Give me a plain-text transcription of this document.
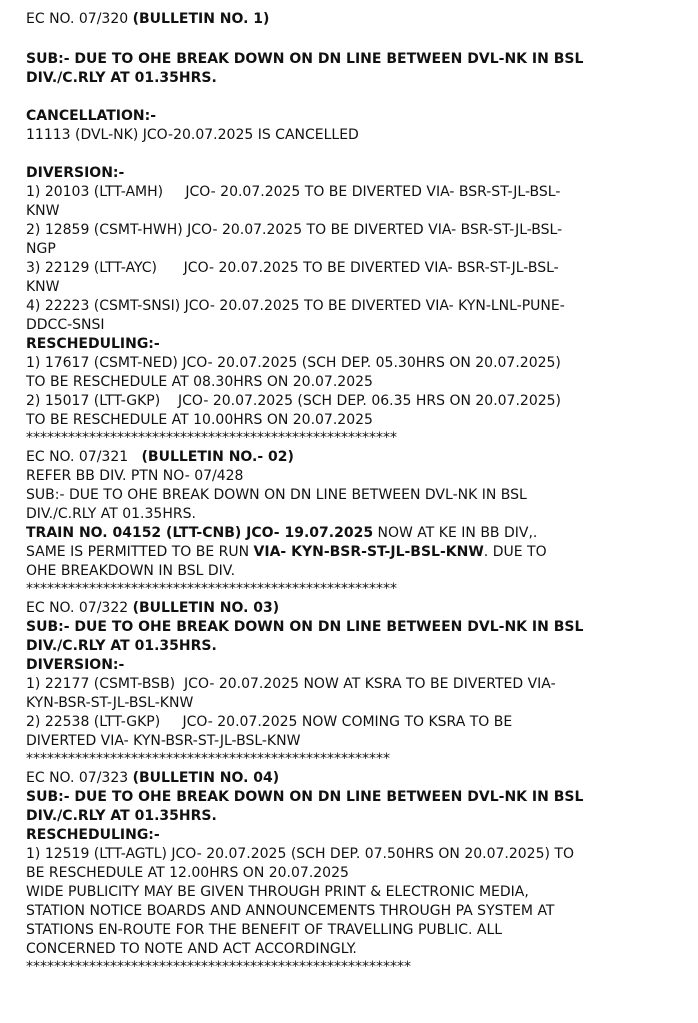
EC NO. 07/320 (BULLETIN NO. 1)
SUB:- DUE TO OHE BREAK DOWN ON DN LINE BETWEEN DVL-NK IN BSL
DIV./C.RLY AT 01.35HRS.
CANCELLATION:-
11113 (DVL-NK) JCO-20.07.2025 IS CANCELLED
DIVERSION:-
1) 20103 (LTT-AMH)     JCO- 20.07.2025 TO BE DIVERTED VIA- BSR-ST-JL-BSL-
KNW
2) 12859 (CSMT-HWH) JCO- 20.07.2025 TO BE DIVERTED VIA- BSR-ST-JL-BSL-
NGP
3) 22129 (LTT-AYC)      JCO- 20.07.2025 TO BE DIVERTED VIA- BSR-ST-JL-BSL-
KNW
4) 22223 (CSMT-SNSI) JCO- 20.07.2025 TO BE DIVERTED VIA- KYN-LNL-PUNE-
DDCC-SNSI
RESCHEDULING:-
1) 17617 (CSMT-NED) JCO- 20.07.2025 (SCH DEP. 05.30HRS ON 20.07.2025)
TO BE RESCHEDULE AT 08.30HRS ON 20.07.2025
2) 15017 (LTT-GKP)    JCO- 20.07.2025 (SCH DEP. 06.35 HRS ON 20.07.2025)
TO BE RESCHEDULE AT 10.00HRS ON 20.07.2025
*****************************************************
EC NO. 07/321   (BULLETIN NO.- 02)
REFER BB DIV. PTN NO- 07/428
SUB:- DUE TO OHE BREAK DOWN ON DN LINE BETWEEN DVL-NK IN BSL
DIV./C.RLY AT 01.35HRS.
TRAIN NO. 04152 (LTT-CNB) JCO- 19.07.2025 NOW AT KE IN BB DIV,.
SAME IS PERMITTED TO BE RUN VIA- KYN-BSR-ST-JL-BSL-KNW. DUE TO
OHE BREAKDOWN IN BSL DIV.
*****************************************************
EC NO. 07/322 (BULLETIN NO. 03)
SUB:- DUE TO OHE BREAK DOWN ON DN LINE BETWEEN DVL-NK IN BSL
DIV./C.RLY AT 01.35HRS.
DIVERSION:-
1) 22177 (CSMT-BSB)  JCO- 20.07.2025 NOW AT KSRA TO BE DIVERTED VIA-
KYN-BSR-ST-JL-BSL-KNW
2) 22538 (LTT-GKP)     JCO- 20.07.2025 NOW COMING TO KSRA TO BE
DIVERTED VIA- KYN-BSR-ST-JL-BSL-KNW
****************************************************
EC NO. 07/323 (BULLETIN NO. 04)
SUB:- DUE TO OHE BREAK DOWN ON DN LINE BETWEEN DVL-NK IN BSL
DIV./C.RLY AT 01.35HRS.
RESCHEDULING:-
1) 12519 (LTT-AGTL) JCO- 20.07.2025 (SCH DEP. 07.50HRS ON 20.07.2025) TO
BE RESCHEDULE AT 12.00HRS ON 20.07.2025
WIDE PUBLICITY MAY BE GIVEN THROUGH PRINT & ELECTRONIC MEDIA,
STATION NOTICE BOARDS AND ANNOUNCEMENTS THROUGH PA SYSTEM AT
STATIONS EN-ROUTE FOR THE BENEFIT OF TRAVELLING PUBLIC. ALL
CONCERNED TO NOTE AND ACT ACCORDINGLY.
*******************************************************
